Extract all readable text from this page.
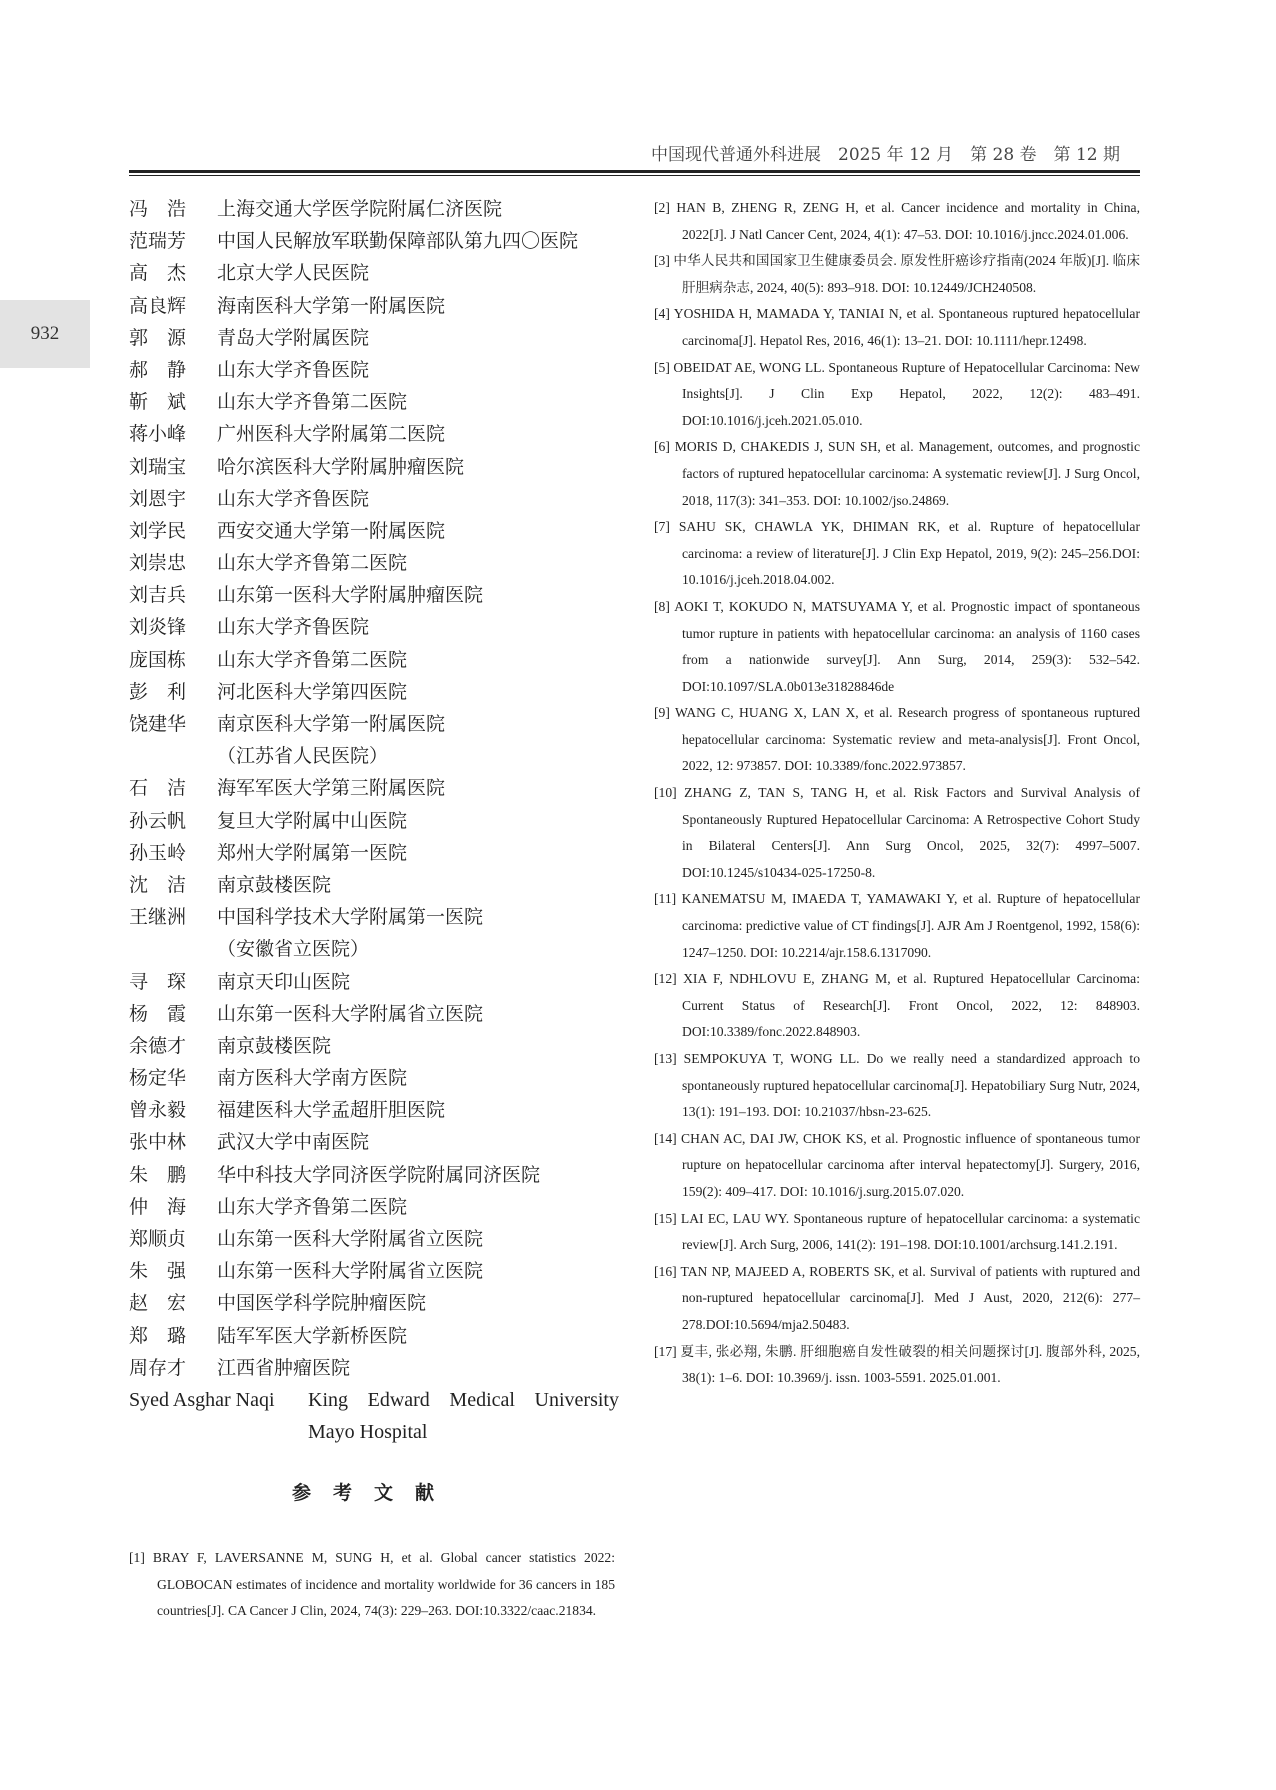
932
中国现代普通外科进展　2025 年 12 月　第 28 卷　第 12 期
冯　浩	上海交通大学医学院附属仁济医院
范瑞芳	中国人民解放军联勤保障部队第九四〇医院
高　杰	北京大学人民医院
高良辉	海南医科大学第一附属医院
郭　源	青岛大学附属医院
郝　静	山东大学齐鲁医院
靳　斌	山东大学齐鲁第二医院
蒋小峰	广州医科大学附属第二医院
刘瑞宝	哈尔滨医科大学附属肿瘤医院
刘恩宇	山东大学齐鲁医院
刘学民	西安交通大学第一附属医院
刘崇忠	山东大学齐鲁第二医院
刘吉兵	山东第一医科大学附属肿瘤医院
刘炎锋	山东大学齐鲁医院
庞国栋	山东大学齐鲁第二医院
彭　利	河北医科大学第四医院
饶建华	南京医科大学第一附属医院
（江苏省人民医院）
石　洁	海军军医大学第三附属医院
孙云帆	复旦大学附属中山医院
孙玉岭	郑州大学附属第一医院
沈　洁	南京鼓楼医院
王继洲	中国科学技术大学附属第一医院
（安徽省立医院）
寻　琛	南京天印山医院
杨　霞	山东第一医科大学附属省立医院
余德才	南京鼓楼医院
杨定华	南方医科大学南方医院
曾永毅	福建医科大学孟超肝胆医院
张中林	武汉大学中南医院
朱　鹏	华中科技大学同济医学院附属同济医院
仲　海	山东大学齐鲁第二医院
郑顺贞	山东第一医科大学附属省立医院
朱　强	山东第一医科大学附属省立医院
赵　宏	中国医学科学院肿瘤医院
郑　璐	陆军军医大学新桥医院
周存才	江西省肿瘤医院
Syed Asghar Naqi	King Edward Medical University
Mayo Hospital
参考文献

[1] BRAY F, LAVERSANNE M, SUNG H, et al. Global cancer statistics 2022: GLOBOCAN estimates of incidence and mortality worldwide for 36 cancers in 185 countries[J]. CA Cancer J Clin, 2024, 74(3): 229–263. DOI:10.3322/caac.21834.

[2] HAN B, ZHENG R, ZENG H, et al. Cancer incidence and mortality in China, 2022[J]. J Natl Cancer Cent, 2024, 4(1): 47–53. DOI: 10.1016/j.jncc.2024.01.006.

[3] 中华人民共和国国家卫生健康委员会. 原发性肝癌诊疗指南(2024 年版)[J]. 临床肝胆病杂志, 2024, 40(5): 893–918. DOI: 10.12449/JCH240508.

[4] YOSHIDA H, MAMADA Y, TANIAI N, et al. Spontaneous ruptured hepatocellular carcinoma[J]. Hepatol Res, 2016, 46(1): 13–21. DOI: 10.1111/hepr.12498.

[5] OBEIDAT AE, WONG LL. Spontaneous Rupture of Hepatocellular Carcinoma: New Insights[J]. J Clin Exp Hepatol, 2022, 12(2): 483–491. DOI:10.1016/j.jceh.2021.05.010.

[6] MORIS D, CHAKEDIS J, SUN SH, et al. Management, outcomes, and prognostic factors of ruptured hepatocellular carcinoma: A systematic review[J]. J Surg Oncol, 2018, 117(3): 341–353. DOI: 10.1002/jso.24869.

[7] SAHU SK, CHAWLA YK, DHIMAN RK, et al. Rupture of hepatocellular carcinoma: a review of literature[J]. J Clin Exp Hepatol, 2019, 9(2): 245–256.DOI: 10.1016/j.jceh.2018.04.002.

[8] AOKI T, KOKUDO N, MATSUYAMA Y, et al. Prognostic impact of spontaneous tumor rupture in patients with hepatocellular carcinoma: an analysis of 1160 cases from a nationwide survey[J]. Ann Surg, 2014, 259(3): 532–542. DOI:10.1097/SLA.0b013e31828846de

[9] WANG C, HUANG X, LAN X, et al. Research progress of spontaneous ruptured hepatocellular carcinoma: Systematic review and meta-analysis[J]. Front Oncol, 2022, 12: 973857. DOI: 10.3389/fonc.2022.973857.

[10] ZHANG Z, TAN S, TANG H, et al. Risk Factors and Survival Analysis of Spontaneously Ruptured Hepatocellular Carcinoma: A Retrospective Cohort Study in Bilateral Centers[J]. Ann Surg Oncol, 2025, 32(7): 4997–5007. DOI:10.1245/s10434-025-17250-8.

[11] KANEMATSU M, IMAEDA T, YAMAWAKI Y, et al. Rupture of hepatocellular carcinoma: predictive value of CT findings[J]. AJR Am J Roentgenol, 1992, 158(6): 1247–1250. DOI: 10.2214/ajr.158.6.1317090.

[12] XIA F, NDHLOVU E, ZHANG M, et al. Ruptured Hepatocellular Carcinoma: Current Status of Research[J]. Front Oncol, 2022, 12: 848903. DOI:10.3389/fonc.2022.848903.

[13] SEMPOKUYA T, WONG LL. Do we really need a standardized approach to spontaneously ruptured hepatocellular carcinoma[J]. Hepatobiliary Surg Nutr, 2024, 13(1): 191–193. DOI: 10.21037/hbsn-23-625.

[14] CHAN AC, DAI JW, CHOK KS, et al. Prognostic influence of spontaneous tumor rupture on hepatocellular carcinoma after interval hepatectomy[J]. Surgery, 2016, 159(2): 409–417. DOI: 10.1016/j.surg.2015.07.020.

[15] LAI EC, LAU WY. Spontaneous rupture of hepatocellular carcinoma: a systematic review[J]. Arch Surg, 2006, 141(2): 191–198. DOI:10.1001/archsurg.141.2.191.

[16] TAN NP, MAJEED A, ROBERTS SK, et al. Survival of patients with ruptured and non-ruptured hepatocellular carcinoma[J]. Med J Aust, 2020, 212(6): 277–278.DOI:10.5694/mja2.50483.

[17] 夏丰, 张必翔, 朱鹏. 肝细胞癌自发性破裂的相关问题探讨[J]. 腹部外科, 2025, 38(1): 1–6. DOI: 10.3969/j. issn. 1003-5591. 2025.01.001.
